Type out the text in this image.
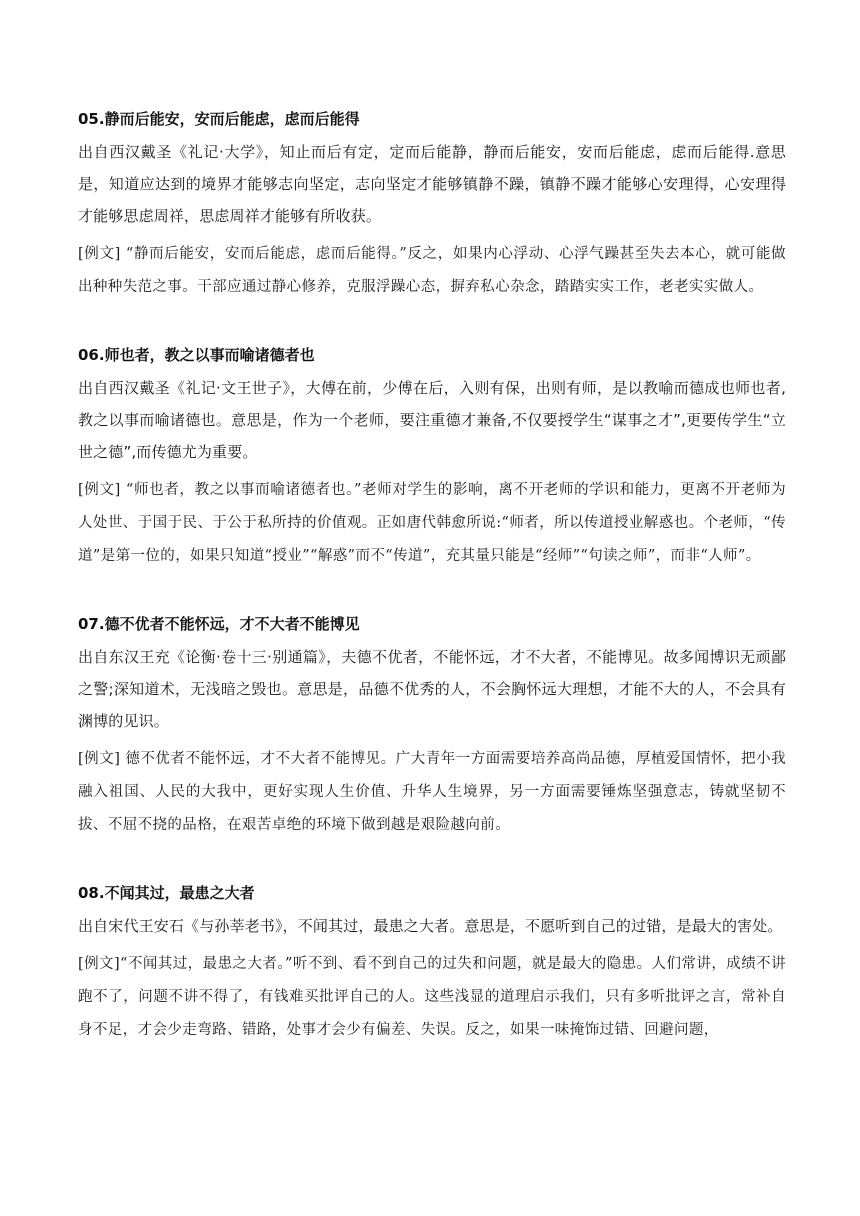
05.静而后能安，安而后能虑，虑而后能得
出自西汉戴圣《礼记·大学》，知止而后有定，定而后能静，静而后能安，安而后能虑，虑而后能得.意思是，知道应达到的境界才能够志向坚定，志向坚定才能够镇静不躁，镇静不躁才能够心安理得，心安理得才能够思虑周祥，思虑周祥才能够有所收获。
[例文] “静而后能安，安而后能虑，虑而后能得。”反之，如果内心浮动、心浮气躁甚至失去本心，就可能做出种种失范之事。干部应通过静心修养，克服浮躁心态，摒弃私心杂念，踏踏实实工作，老老实实做人。
06.师也者，教之以事而喻诸德者也
出自西汉戴圣《礼记·文王世子》，大傅在前，少傅在后，入则有保，出则有师，是以教喻而德成也师也者,教之以事而喻诸德也。意思是，作为一个老师，要注重德才兼备,不仅要授学生“谋事之才”,更要传学生“立世之德”,而传德尤为重要。
[例文] “师也者，教之以事而喻诸德者也。”老师对学生的影响，离不开老师的学识和能力，更离不开老师为人处世、于国于民、于公于私所持的价值观。正如唐代韩愈所说:“师者，所以传道授业解惑也。个老师，“传道”是第一位的，如果只知道“授业”“解惑”而不“传道”，充其量只能是“经师”“句读之师”，而非“人师”。
07.德不优者不能怀远，才不大者不能博见
出自东汉王充《论衡·卷十三·别通篇》，夫德不优者，不能怀远，才不大者，不能博见。故多闻博识无顽鄙之警;深知道术，无浅暗之毁也。意思是，品德不优秀的人，不会胸怀远大理想，才能不大的人，不会具有渊博的见识。
[例文] 德不优者不能怀远，才不大者不能博见。广大青年一方面需要培养高尚品德，厚植爱国情怀，把小我融入祖国、人民的大我中，更好实现人生价值、升华人生境界，另一方面需要锤炼坚强意志，铸就坚韧不拔、不屈不挠的品格，在艰苦卓绝的环境下做到越是艰险越向前。
08.不闻其过，最患之大者
出自宋代王安石《与孙莘老书》，不闻其过，最患之大者。意思是，不愿听到自己的过错，是最大的害处。
[例文]“不闻其过，最患之大者。”听不到、看不到自己的过失和问题，就是最大的隐患。人们常讲，成绩不讲跑不了，问题不讲不得了，有钱难买批评自己的人。这些浅显的道理启示我们，只有多听批评之言，常补自身不足，才会少走弯路、错路，处事才会少有偏差、失误。反之，如果一味掩饰过错、回避问题，
